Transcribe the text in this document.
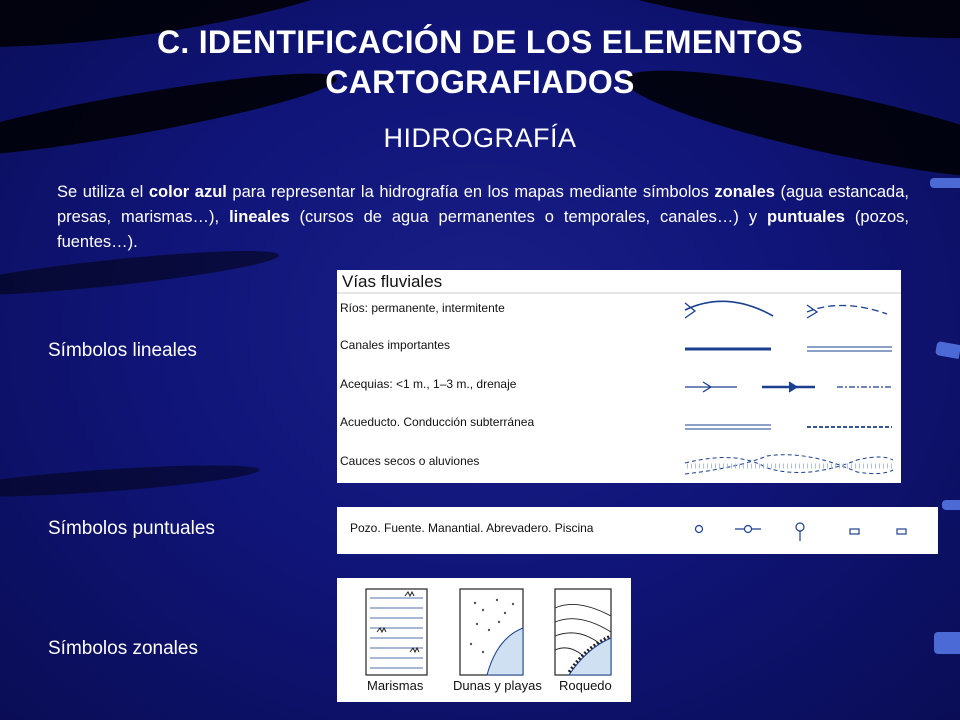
C. IDENTIFICACIÓN DE LOS ELEMENTOS
CARTOGRAFIADOS
HIDROGRAFÍA
Se utiliza el color azul para representar la hidrografía en los mapas mediante símbolos zonales (agua estancada, presas, marismas…), lineales (cursos de agua permanentes o temporales, canales…) y puntuales (pozos, fuentes…).
Símbolos lineales
Símbolos puntuales
Símbolos zonales
Vías fluviales
Ríos: permanente, intermitente
Canales importantes
Acequias: <1 m., 1–3 m., drenaje
Acueducto. Conducción subterránea
Cauces secos o aluviones
Pozo. Fuente. Manantial. Abrevadero. Piscina
Marismas Dunas y playas Roquedo
